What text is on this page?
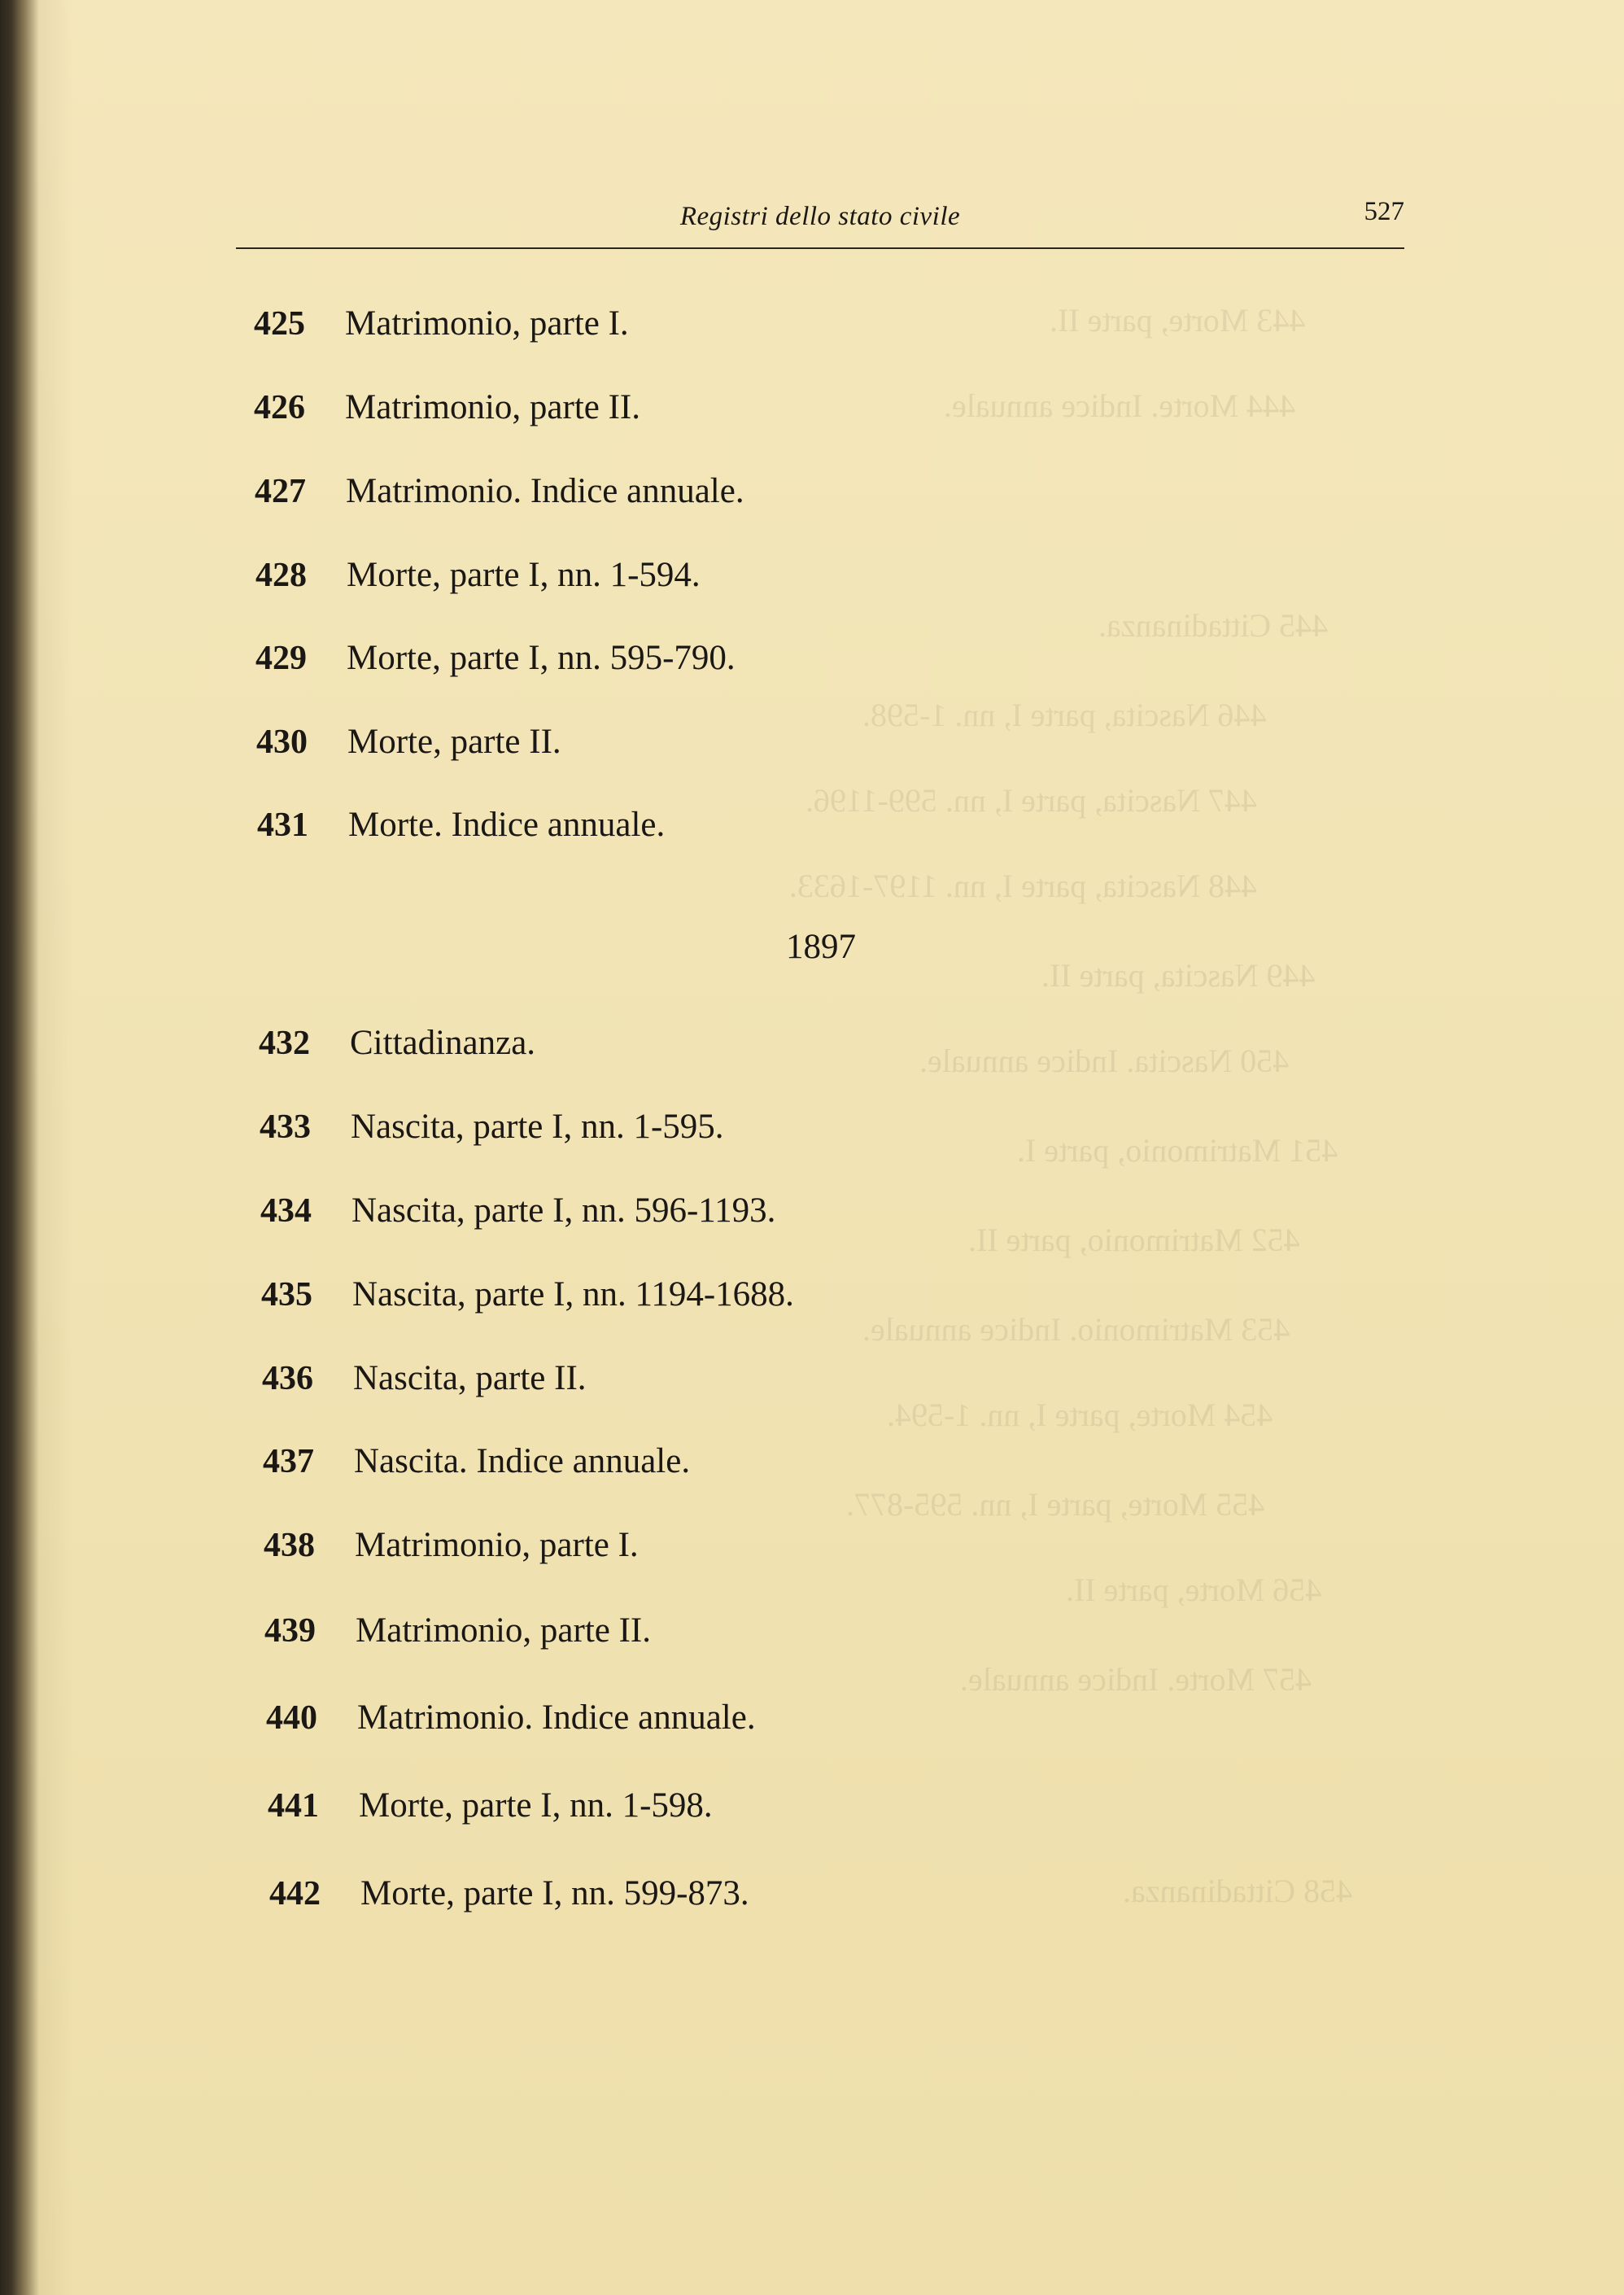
443 Morte, parte II.
444 Morte. Indice annuale.
445 Cittadinanza.
446 Nascita, parte I, nn. 1-598.
447 Nascita, parte I, nn. 599-1196.
448 Nascita, parte I, nn. 1197-1633.
449 Nascita, parte II.
450 Nascita. Indice annuale.
451 Matrimonio, parte I.
452 Matrimonio, parte II.
453 Matrimonio. Indice annuale.
454 Morte, parte I, nn. 1-594.
455 Morte, parte I, nn. 595-877.
456 Morte, parte II.
457 Morte. Indice annuale.
458 Cittadinanza.
Registri dello stato civile	527
425	Matrimonio, parte I.
426	Matrimonio, parte II.
427	Matrimonio. Indice annuale.
428	Morte, parte I, nn. 1-594.
429	Morte, parte I, nn. 595-790.
430	Morte, parte II.
431	Morte. Indice annuale.
1897
432	Cittadinanza.
433	Nascita, parte I, nn. 1-595.
434	Nascita, parte I, nn. 596-1193.
435	Nascita, parte I, nn. 1194-1688.
436	Nascita, parte II.
437	Nascita. Indice annuale.
438	Matrimonio, parte I.
439	Matrimonio, parte II.
440	Matrimonio. Indice annuale.
441	Morte, parte I, nn. 1-598.
442	Morte, parte I, nn. 599-873.
